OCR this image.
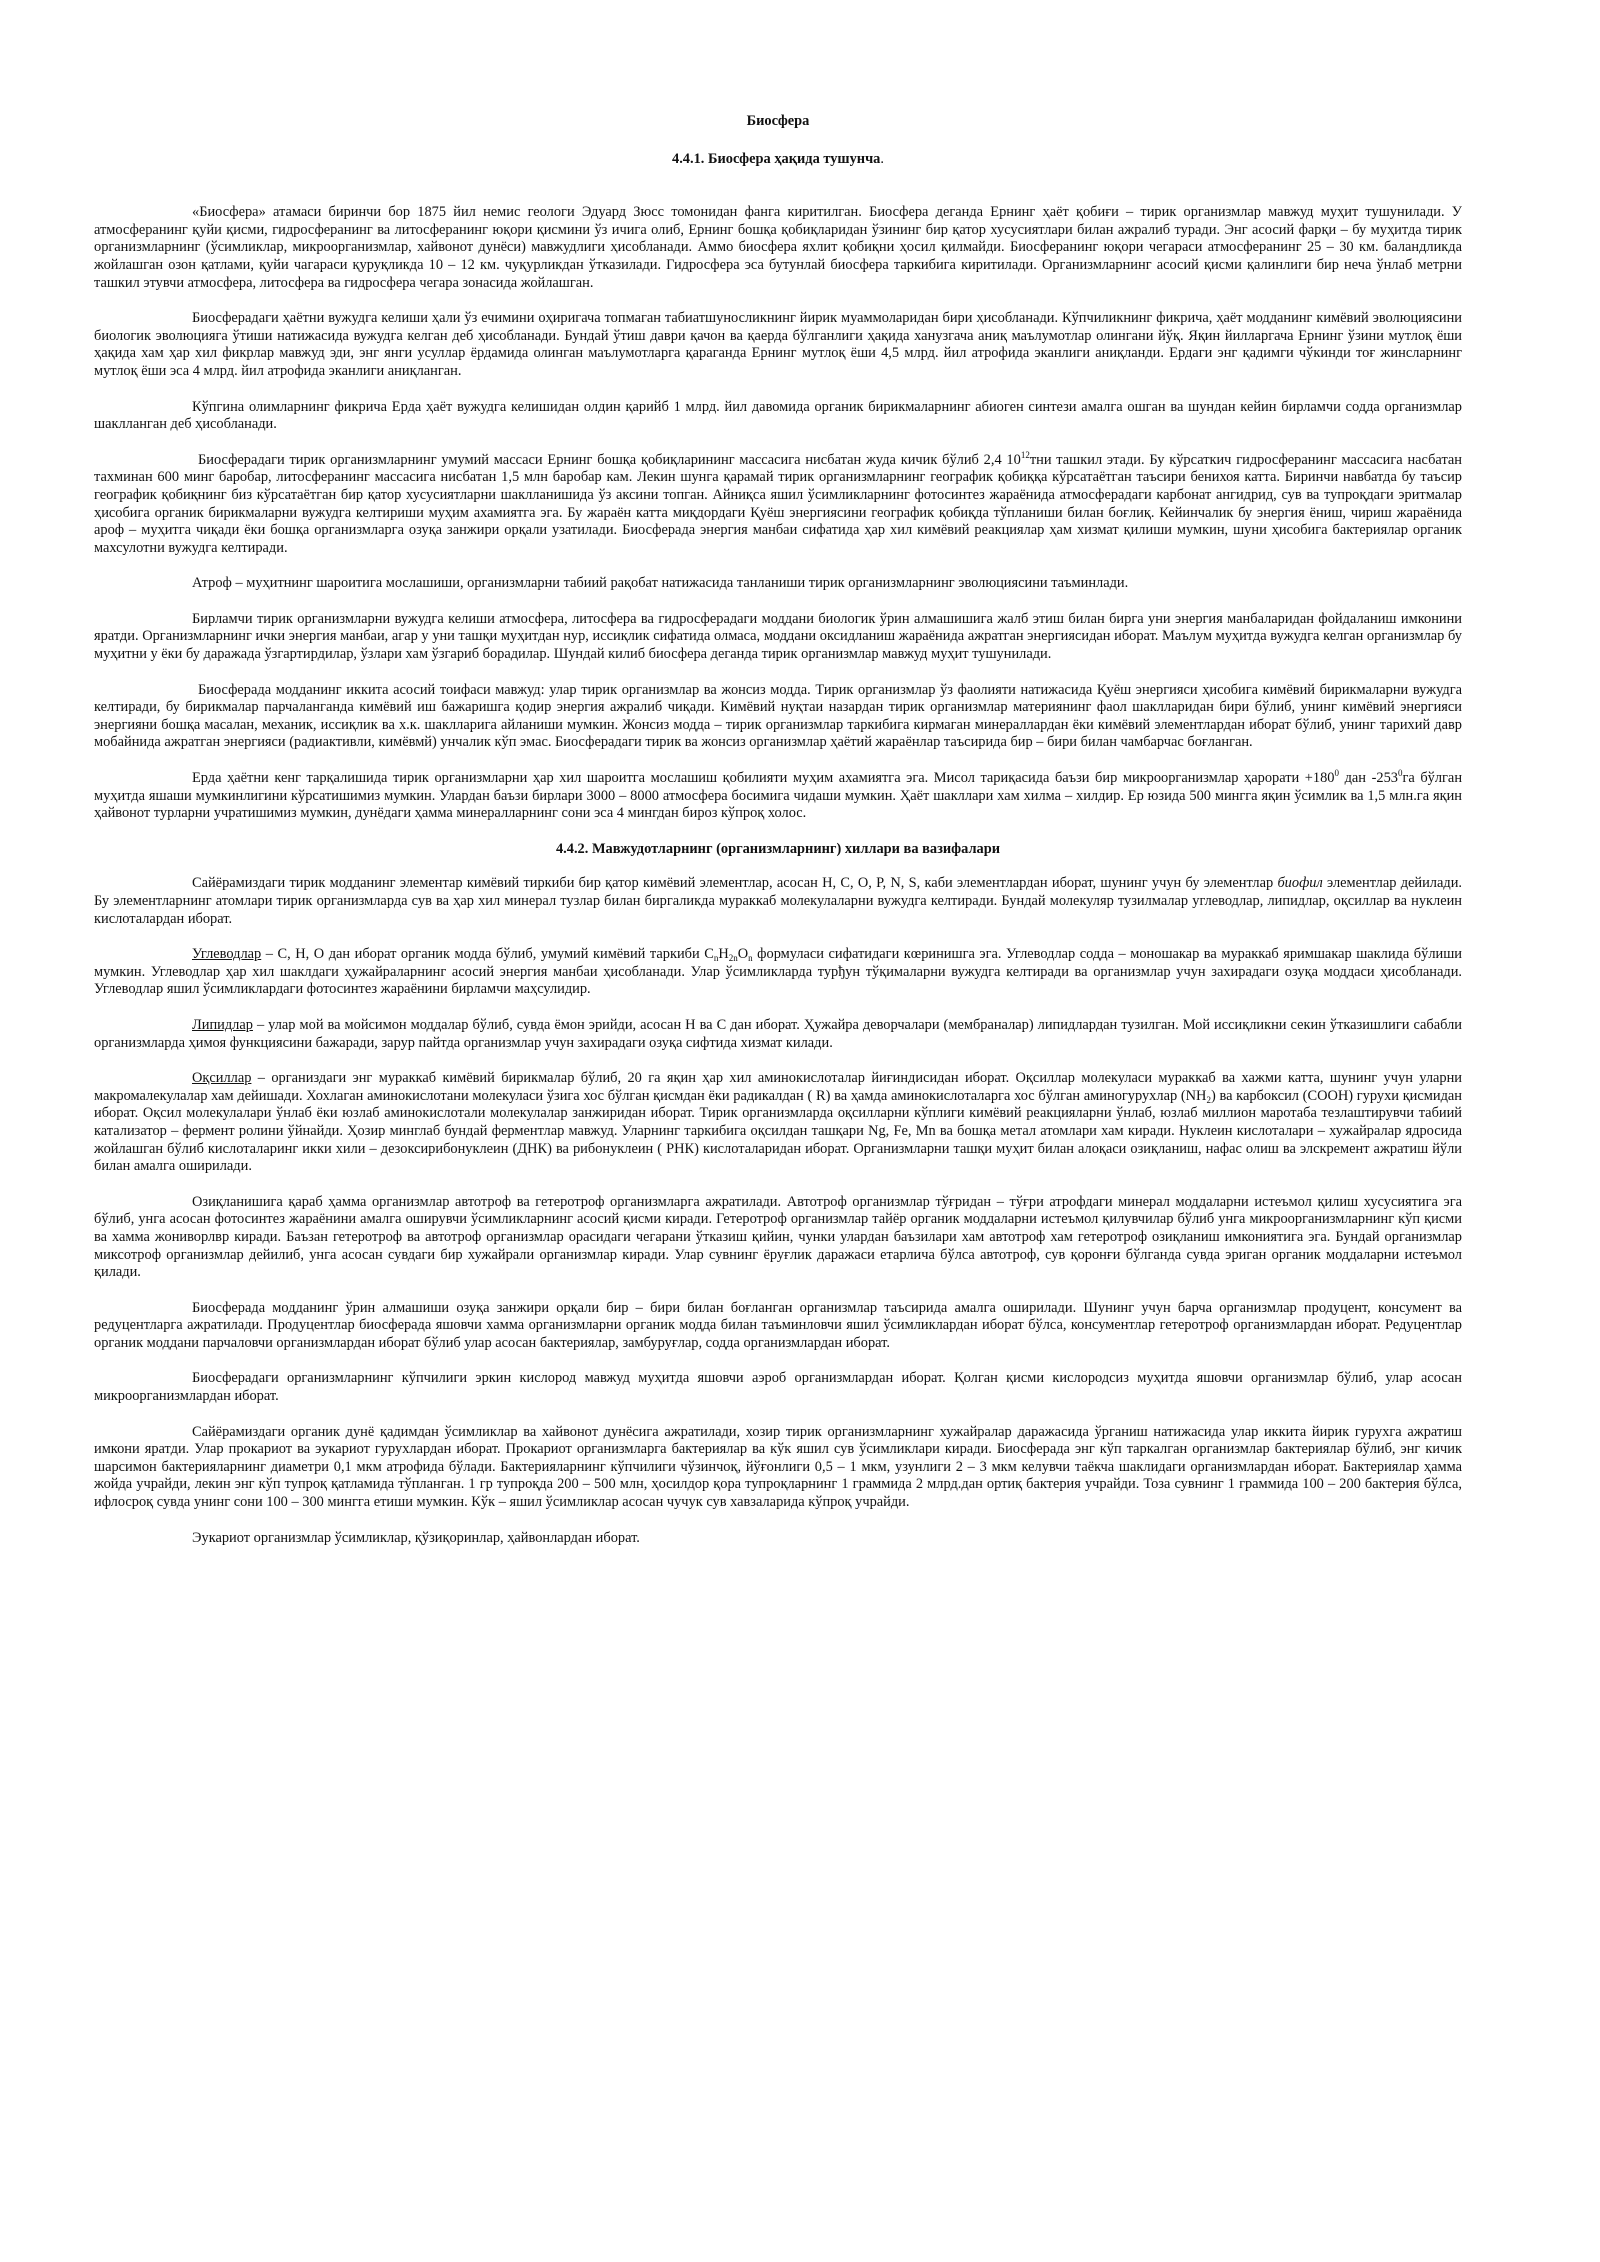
Биосфера
4.4.1. Биосфера ҳақида тушунча.

«Биосфера» атамаси биринчи бор 1875 йил немис геологи Эдуард Зюсс томонидан фанга киритилган. Биосфера деганда Ернинг ҳаёт қобиғи – тирик организмлар мавжуд муҳит тушунилади. У атмосферанинг қуйи қисми, гидросферанинг ва литосферанинг юқори қисмини ўз ичига олиб, Ернинг бошқа қобиқларидан ўзининг бир қатор хусусиятлари билан ажралиб туради. Энг асосий фарқи – бу муҳитда тирик организмларнинг (ўсимликлар, микроорганизмлар, хайвонот дунёси) мавжудлиги ҳисобланади. Аммо биосфера яхлит қобиқни ҳосил қилмайди. Биосферанинг юқори чегараси атмосферанинг 25 – 30 км. баландликда жойлашган озон қатлами, қуйи чагараси қуруқликда 10 – 12 км. чуқурликдан ўтказилади. Гидросфера эса бутунлай биосфера таркибига киритилади. Организмларнинг асосий қисми қалинлиги бир неча ўнлаб метрни ташкил этувчи атмосфера, литосфера ва гидросфера чегара зонасида жойлашган.

Биосферадаги ҳаётни вужудга келиши ҳали ўз ечимини оҳиригача топмаган табиатшуносликнинг йирик муаммоларидан бири ҳисобланади. Кўпчиликнинг фикрича, ҳаёт модданинг кимёвий эволюциясини биологик эволюцияга ўтиши натижасида вужудга келган деб ҳисобланади. Бундай ўтиш даври қачон ва қаерда бўлганлиги ҳақида ханузгача аниқ маълумотлар олингани йўқ. Яқин йилларгача Ернинг ўзини мутлоқ ёши ҳақида хам ҳар хил фикрлар мавжуд эди, энг янги усуллар ёрдамида олинган маълумотларга қараганда Ернинг мутлоқ ёши 4,5 млрд. йил атрофида эканлиги аниқланди. Ердаги энг қадимги чўкинди тоғ жинсларнинг мутлоқ ёши эса 4 млрд. йил атрофида эканлиги аниқланган.

Кўпгина олимларнинг фикрича Ерда ҳаёт вужудга келишидан олдин қарийб 1 млрд. йил давомида органик бирикмаларнинг абиоген синтези амалга ошган ва шундан кейин бирламчи содда организмлар шаклланган деб ҳисобланади.

Биосферадаги тирик организмларнинг умумий массаси Ернинг бошқа қобиқларининг массасига нисбатан жуда кичик бўлиб 2,4 $10^{12}тни$ ташкил этади. Бу кўрсаткич гидросферанинг массасига насбатан тахминан 600 минг баробар, литосферанинг массасига нисбатан 1,5 млн баробар кам. Лекин шунга қарамай тирик организмларнинг географик қобиққа кўрсатаётган таъсири бенихоя катта. Биринчи навбатда бу таъсир географик қобиқнинг биз кўрсатаётган бир қатор хусусиятларни шаклланишида ўз аксини топган. Айниқса яшил ўсимликларнинг фотосинтез жараёнида атмосферадаги карбонат ангидрид, сув ва тупроқдаги эритмалар ҳисобига органик бирикмаларни вужудга келтириши муҳим ахамиятга эга. Бу жараён катта миқдордаги Қуёш энергиясини географик қобиқда тўпланиши билан боғлиқ. Кейинчалик бу энергия ёниш, чириш жараёнида ароф – муҳитга чиқади ёки бошқа организмларга озуқа занжири орқали узатилади. Биосферада энергия манбаи сифатида ҳар хил кимёвий реакциялар ҳам хизмат қилиши мумкин, шуни ҳисобига бактериялар органик махсулотни вужудга келтиради.

Атроф – муҳитнинг шароитига мослашиши, организмларни табиий рақобат натижасида танланиши тирик организмларнинг эволюциясини таъминлади.

Бирламчи тирик организмларни вужудга келиши атмосфера, литосфера ва гидросферадаги моддани биологик ўрин алмашишига жалб этиш билан бирга уни энергия манбаларидан фойдаланиш имконини яратди. Организмларнинг ички энергия манбаи, агар у уни ташқи муҳитдан нур, иссиқлик сифатида олмаса, моддани оксидланиш жараёнида ажратган энергиясидан иборат. Маълум муҳитда вужудга келган организмлар бу муҳитни у ёки бу даражада ўзгартирдилар, ўзлари хам ўзгариб борадилар. Шундай килиб биосфера деганда тирик организмлар мавжуд муҳит тушунилади.

Биосферада модданинг иккита асосий тоифаси мавжуд: улар тирик организмлар ва жонсиз модда. Тирик организмлар ўз фаолияти натижасида Қуёш энергияси ҳисобига кимёвий бирикмаларни вужудга келтиради, бу бирикмалар парчаланганда кимёвий иш бажаришга қодир энергия ажралиб чиқади. Кимёвий нуқтаи назардан тирик организмлар материянинг фаол шаклларидан бири бўлиб, унинг кимёвий энергияси энергияни бошқа масалан, механик, иссиқлик ва х.к. шаклларига айланиши мумкин. Жонсиз модда – тирик организмлар таркибига кирмаган минераллардан ёки кимёвий элементлардан иборат бўлиб, унинг тарихий давр мобайнида ажратган энергияси (радиактивли, кимёвмй) унчалик кўп эмас. Биосферадаги тирик ва жонсиз организмлар ҳаётий жараёнлар таъсирида бир – бири билан чамбарчас боғланган.

Ерда ҳаётни кенг тарқалишида тирик организмларни ҳар хил шароитга мослашиш қобилияти муҳим ахамиятга эга. Мисол тариқасида баъзи бир микроорганизмлар ҳарорати $+180^0$ дан $-253^0га$ бўлган муҳитда яшаши мумкинлигини кўрсатишимиз мумкин. Улардан баъзи бирлари 3000 – 8000 атмосфера босимига чидаши мумкин. Ҳаёт шакллари хам хилма – хилдир. Ер юзида 500 мингга яқин ўсимлик ва 1,5 млн.га яқин ҳайвонот турларни учратишимиз мумкин, дунёдаги ҳамма минералларнинг сони эса 4 мингдан бироз кўпроқ холос.

4.4.2. Мавжудотларнинг (организмларнинг) хиллари ва вазифалари

Сайёрамиздаги тирик модданинг элементар кимёвий тиркиби бир қатор кимёвий элементлар, асосан H, C, O, P, N, S, каби элементлардан иборат, шунинг учун бу элементлар биофил элементлар дейилади. Бу элементларнинг атомлари тирик организмларда сув ва ҳар хил минерал тузлар билан биргаликда мураккаб молекулаларни вужудга келтиради. Бундай молекуляр тузилмалар углеводлар, липидлар, оқсиллар ва нуклеин кислоталардан иборат.

Углеводлар – C, H, O дан иборат органик модда бўлиб, умумий кимёвий таркиби $C_nH_{2n}O_n$ формуласи сифатидаги кœринишга эга. Углеводлар содда – моношакар ва мураккаб яримшакар шаклида бўлиши мумкин. Углеводлар ҳар хил шаклдаги ҳужайраларнинг асосий энергия манбаи ҳисобланади. Улар ўсимликларда турђун тўқималарни вужудга келтиради ва организмлар учун захирадаги озуқа моддаси ҳисобланади. Углеводлар яшил ўсимликлардаги фотосинтез жараёнини бирламчи маҳсулидир.

Липидлар – улар мой ва мойсимон моддалар бўлиб, сувда ёмон эрийди, асосан H ва C дан иборат. Ҳужайра деворчалари (мембраналар) липидлардан тузилган. Мой иссиқликни секин ўтказишлиги сабабли организмларда ҳимоя функциясини бажаради, зарур пайтда организмлар учун захирадаги озуқа сифтида хизмат килади.

Оқсиллар – организдаги энг мураккаб кимёвий бирикмалар бўлиб, 20 га яқин ҳар хил аминокислоталар йиғиндисидан иборат. Оқсиллар молекуласи мураккаб ва хажми катта, шунинг учун уларни макромалекулалар хам дейишади. Хохлаган аминокислотани молекуласи ўзига хос бўлган қисмдан ёки радикалдан ( R) ва ҳамда аминокислоталарга хос бўлган аминогурухлар $(NH_2)$ ва карбоксил (COOH) гурухи қисмидан иборат. Оқсил молекулалари ўнлаб ёки юзлаб аминокислотали молекулалар занжиридан иборат. Тирик организмларда оқсилларни кўплиги кимёвий реакцияларни ўнлаб, юзлаб миллион маротаба тезлаштирувчи табиий катализатор – фермент ролини ўйнайди. Ҳозир минглаб бундай ферментлар мавжуд. Уларнинг таркибига оқсилдан ташқари Ng, Fe, Mn ва бошқа метал атомлари хам киради. Нуклеин кислоталари – хужайралар ядросида жойлашган бўлиб кислоталаринг икки хили – дезоксирибонуклеин (ДНК) ва рибонуклеин ( РНК) кислоталаридан иборат. Организмларни ташқи муҳит билан алоқаси озиқланиш, нафас олиш ва элскремент ажратиш йўли билан амалга оширилади.

Озиқланишига қараб ҳамма организмлар автотроф ва гетеротроф организмларга ажратилади. Автотроф организмлар тўғридан – тўғри атрофдаги минерал моддаларни истеъмол қилиш хусусиятига эга бўлиб, унга асосан фотосинтез жараёнини амалга оширувчи ўсимликларнинг асосий қисми киради. Гетеротроф организмлар тайёр органик моддаларни истеъмол қилувчилар бўлиб унга микроорганизмларнинг кўп қисми ва хамма жониворлвр киради. Баъзан гетеротроф ва автотроф организмлар орасидаги чегарани ўтказиш қийин, чунки улардан баъзилари хам автотроф хам гетеротроф озиқланиш имкониятига эга. Бундай организмлар миксотроф организмлар дейилиб, унга асосан сувдаги бир хужайрали организмлар киради. Улар сувнинг ёруғлик даражаси етарлича бўлса автотроф, сув қоронғи бўлганда сувда эриган органик моддаларни истеъмол қилади.

Биосферада модданинг ўрин алмашиши озуқа занжири орқали бир – бири билан боғланган организмлар таъсирида амалга оширилади. Шунинг учун барча организмлар продуцент, консумент ва редуцентларга ажратилади. Продуцентлар биосферада яшовчи хамма организмларни органик модда билан таъминловчи яшил ўсимликлардан иборат бўлса, консументлар гетеротроф организмлардан иборат. Редуцентлар органик моддани парчаловчи организмлардан иборат бўлиб улар асосан бактериялар, замбуруғлар, содда организмлардан иборат.

Биосферадаги организмларнинг кўпчилиги эркин кислород мавжуд муҳитда яшовчи аэроб организмлардан иборат. Қолган қисми кислородсиз муҳитда яшовчи организмлар бўлиб, улар асосан микроорганизмлардан иборат.

Сайёрамиздаги органик дунё қадимдан ўсимликлар ва хайвонот дунёсига ажратилади, хозир тирик организмларнинг хужайралар даражасида ўрганиш натижасида улар иккита йирик гурухга ажратиш имкони яратди. Улар прокариот ва эукариот гурухлардан иборат. Прокариот организмларга бактериялар ва кўк яшил сув ўсимликлари киради. Биосферада энг кўп таркалган организмлар бактериялар бўлиб, энг кичик шарсимон бактерияларнинг диаметри 0,1 мкм атрофида бўлади. Бактерияларнинг кўпчилиги чўзинчоқ, йўғонлиги 0,5 – 1 мкм, узунлиги 2 – 3 мкм келувчи таёкча шаклидаги организмлардан иборат. Бактериялар ҳамма жойда учрайди, лекин энг кўп тупроқ қатламида тўпланган. 1 гр тупроқда 200 – 500 млн, ҳосилдор қора тупроқларнинг 1 граммида 2 млрд.дан ортиқ бактерия учрайди. Тоза сувнинг 1 граммида 100 – 200 бактерия бўлса, ифлосроқ сувда унинг сони 100 – 300 мингга етиши мумкин. Кўк – яшил ўсимликлар асосан чучук сув хавзаларида кўпроқ учрайди.

Эукариот организмлар ўсимликлар, қўзиқоринлар, ҳайвонлардан иборат.
